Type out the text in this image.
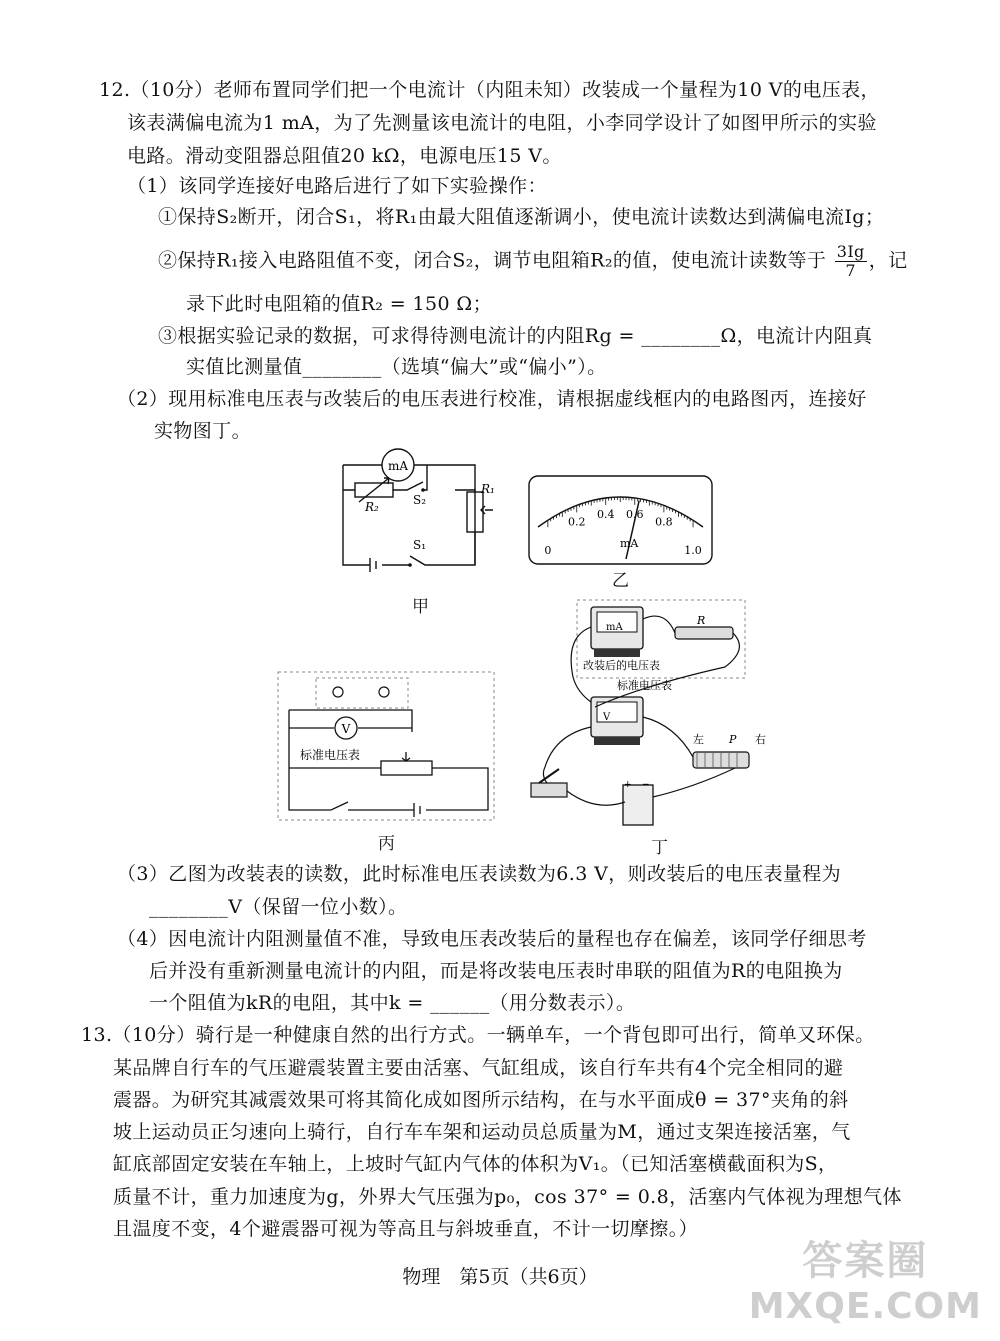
12.（10分）老师布置同学们把一个电流计（内阻未知）改装成一个量程为10 V的电压表，
该表满偏电流为1 mA，为了先测量该电流计的电阻，小李同学设计了如图甲所示的实验
电路。滑动变阻器总阻值20 kΩ，电源电压15 V。
（1）该同学连接好电路后进行了如下实验操作：
①保持S₂断开，闭合S₁，将R₁由最大阻值逐渐调小，使电流计读数达到满偏电流Ig；
②保持R₁接入电路阻值不变，闭合S₂，调节电阻箱R₂的值，使电流计读数等于 $\frac{3Ig}{7}$ ，记
录下此时电阻箱的值R₂ = 150 Ω；
③根据实验记录的数据，可求得待测电流计的内阻Rg = ________Ω，电流计内阻真
实值比测量值________（选填“偏大”或“偏小”）。
（2）现用标准电压表与改装后的电压表进行校准，请根据虚线框内的电路图丙，连接好
实物图丁。
mA
R₂
R₁
S₂
S₁
甲
0
0.2
0.4 0.6
0.8
1.0
mA
乙
V
标准电压表
丙
mA
R
改装后的电压表
标准电压表
V
左 P 右
+ −
丁
（3）乙图为改装表的读数，此时标准电压表读数为6.3 V，则改装后的电压表量程为
________V（保留一位小数）。
（4）因电流计内阻测量值不准，导致电压表改装后的量程也存在偏差，该同学仔细思考
后并没有重新测量电流计的内阻，而是将改装电压表时串联的阻值为R的电阻换为
一个阻值为kR的电阻，其中k = ______（用分数表示）。
13.（10分）骑行是一种健康自然的出行方式。一辆单车，一个背包即可出行，简单又环保。
某品牌自行车的气压避震装置主要由活塞、气缸组成，该自行车共有4个完全相同的避
震器。为研究其减震效果可将其简化成如图所示结构，在与水平面成θ = 37°夹角的斜
坡上运动员正匀速向上骑行，自行车车架和运动员总质量为M，通过支架连接活塞，气
缸底部固定安装在车轴上，上坡时气缸内气体的体积为V₁。（已知活塞横截面积为S，
质量不计，重力加速度为g，外界大气压强为p₀，cos 37° = 0.8，活塞内气体视为理想气体
且温度不变，4个避震器可视为等高且与斜坡垂直，不计一切摩擦。）
物理　第5页（共6页）	答案圈
MXQE.COM
